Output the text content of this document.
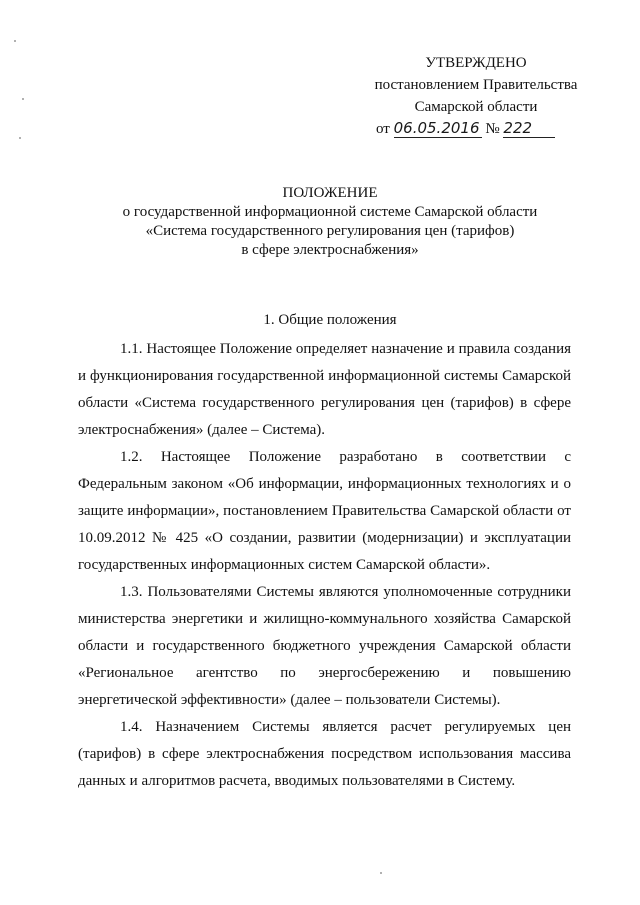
УТВЕРЖДЕНО
постановлением Правительства
Самарской области
от 06.05.2016 № 222
ПОЛОЖЕНИЕ
о государственной информационной системе Самарской области
«Система государственного регулирования цен (тарифов)
в сфере электроснабжения»
1. Общие положения

1.1. Настоящее Положение определяет назначение и правила создания и функционирования государственной информационной системы Самарской области «Система государственного регулирования цен (тарифов) в сфере электроснабжения» (далее – Система).

1.2. Настоящее Положение разработано в соответствии с Федеральным законом «Об информации, информационных технологиях и о защите информации», постановлением Правительства Самарской области от 10.09.2012 № 425 «О создании, развитии (модернизации) и эксплуатации государственных информационных систем Самарской области».

1.3. Пользователями Системы являются уполномоченные сотрудники министерства энергетики и жилищно-коммунального хозяйства Самарской области и государственного бюджетного учреждения Самарской области «Региональное агентство по энергосбережению и повышению энергетической эффективности» (далее – пользователи Системы).

1.4. Назначением Системы является расчет регулируемых цен (тарифов) в сфере электроснабжения посредством использования массива данных и алгоритмов расчета, вводимых пользователями в Систему.
